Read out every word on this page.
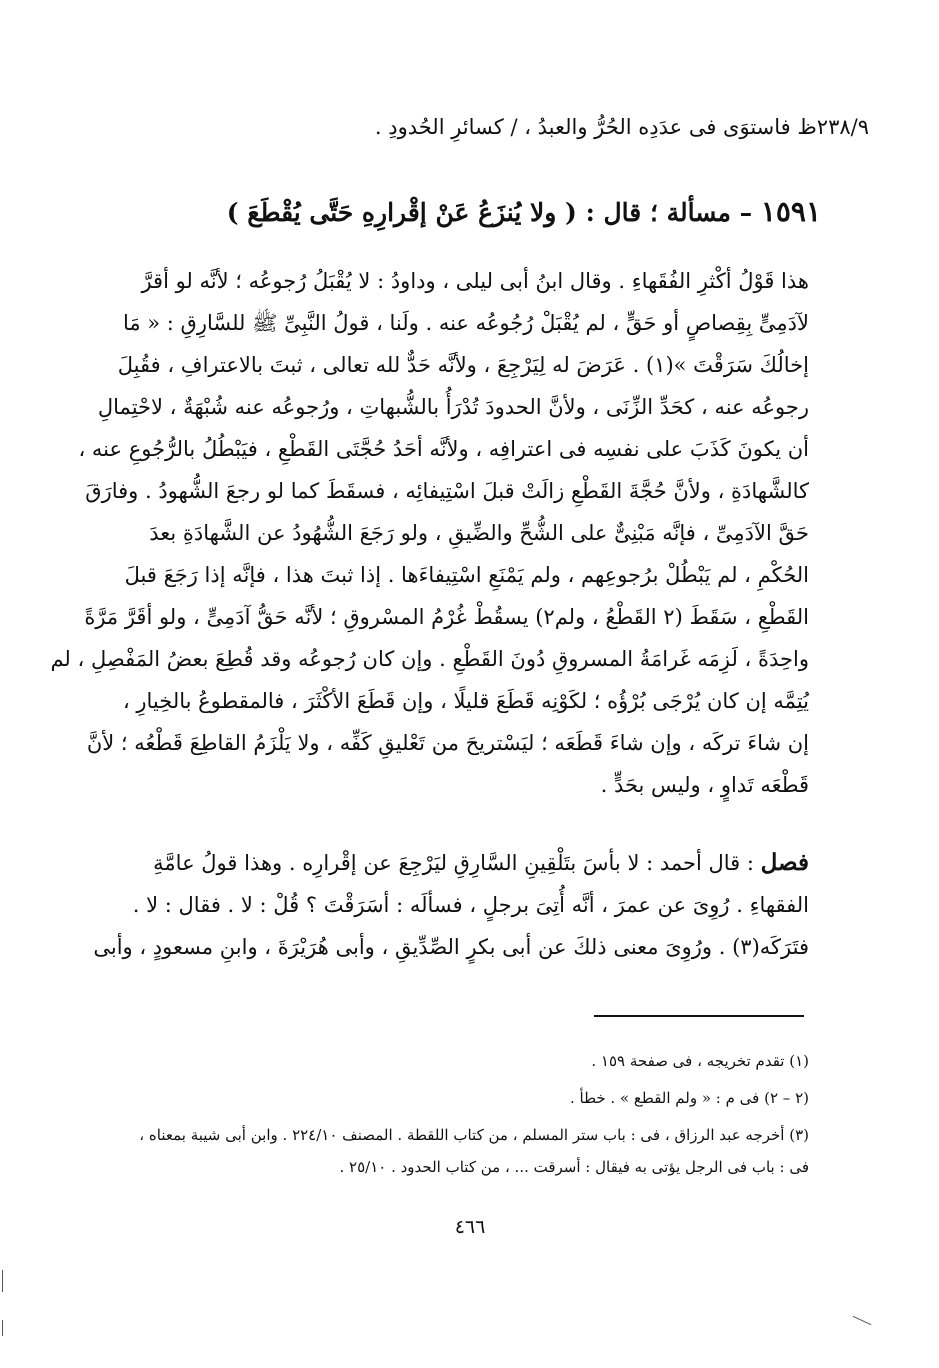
٢٣٨/٩ظ فاستوَى فى عدَدِه الحُرُّ والعبدُ ، / كسائرِ الحُدودِ .
١٥٩١ – مسألة ؛ قال : ( ولا يُنزَعُ عَنْ إقْرارِهِ حَتَّى يُقْطَعَ )
هذا قَوْلُ أكْثرِ الفُقَهاءِ . وقال ابنُ أبى ليلى ، وداودُ : لا يُقْبَلُ رُجوعُه ؛ لأنَّه لو أقرَّ
لآدَمِىٍّ بِقِصاصٍ أو حَقٍّ ، لم يُقْبَلْ رُجُوعُه عنه . ولَنا ، قولُ النَّبِىِّ ﷺ للسَّارِقِ : « مَا
إخالُكَ سَرَقْتَ »(١) . عَرَضَ له لِيَرْجِعَ ، ولأنَّه حَدٌّ لله تعالى ، ثبتَ بالاعترافِ ، فقُبِلَ
رجوعُه عنه ، كحَدِّ الزِّنَى ، ولأنَّ الحدودَ تُدْرَأُ بالشُّبهاتِ ، ورُجوعُه عنه شُبْهَةٌ ، لاحْتِمالِ
أن يكونَ كَذَبَ على نفسِه فى اعترافِه ، ولأنَّه أحَدُ حُجَّتَى القَطْعِ ، فيَبْطُلُ بالرُّجُوعِ عنه ،
كالشَّهادَةِ ، ولأنَّ حُجَّةَ القَطْعِ زالَتْ قبلَ اسْتِيفائِه ، فسقَطَ كما لو رجعَ الشُّهودُ . وفارَقَ
حَقَّ الآدَمِىِّ ، فإنَّه مَبْنِىٌّ على الشُّحِّ والضِّيقِ ، ولو رَجَعَ الشُّهُودُ عن الشَّهادَةِ بعدَ
الحُكْمِ ، لم يَبْطُلْ برُجوعِهم ، ولم يَمْنَعِ اسْتِيفاءَها . إذا ثبتَ هذا ، فإنَّه إذا رَجَعَ قبلَ
القَطْعِ ، سَقَطَ (٢ القَطْعُ ، ولم٢) يسقُطْ غُرْمُ المسْروقِ ؛ لأنَّه حَقُّ آدَمِىٍّ ، ولو أقَرَّ مَرَّةً
واحِدَةً ، لَزِمَه غَرامَةُ المسروقِ دُونَ القَطْعِ . وإن كان رُجوعُه وقد قُطِعَ بعضُ المَفْصِلِ ، لم
يُتِمَّه إن كان يُرْجَى بُرْؤُه ؛ لكَوْنِه قَطَعَ قليلًا ، وإن قَطَعَ الأكْثَرَ ، فالمقطوعُ بالخِيارِ ،
إن شاءَ تركَه ، وإن شاءَ قَطَعَه ؛ ليَسْتريحَ من تَعْليقِ كَفِّه ، ولا يَلْزَمُ القاطِعَ قَطْعُه ؛ لأنَّ
قَطْعَه تَداوٍ ، وليس بحَدٍّ .
فصل : قال أحمد : لا بأسَ بتَلْقِينِ السَّارِقِ ليَرْجِعَ عن إقْرارِه . وهذا قولُ عامَّةِ
الفقهاءِ . رُوِىَ عن عمرَ ، أنَّه أُتِىَ برجلٍ ، فسألَه : أسَرَقْتَ ؟ قُلْ : لا . فقال : لا .
فتَرَكَه(٣) . ورُوِىَ معنى ذلكَ عن أبى بكرٍ الصِّدِّيقِ ، وأبى هُرَيْرَةَ ، وابنِ مسعودٍ ، وأبى
(١) تقدم تخريجه ، فى صفحة ١٥٩ .
(٢ – ٢) فى م : « ولم القطع » . خطأ .
(٣) أخرجه عبد الرزاق ، فى : باب ستر المسلم ، من كتاب اللقطة . المصنف ٢٢٤/١٠ . وابن أبى شيبة بمعناه ،
فى : باب فى الرجل يؤتى به فيقال : أسرقت ... ، من كتاب الحدود . ٢٥/١٠ .
٤٦٦
